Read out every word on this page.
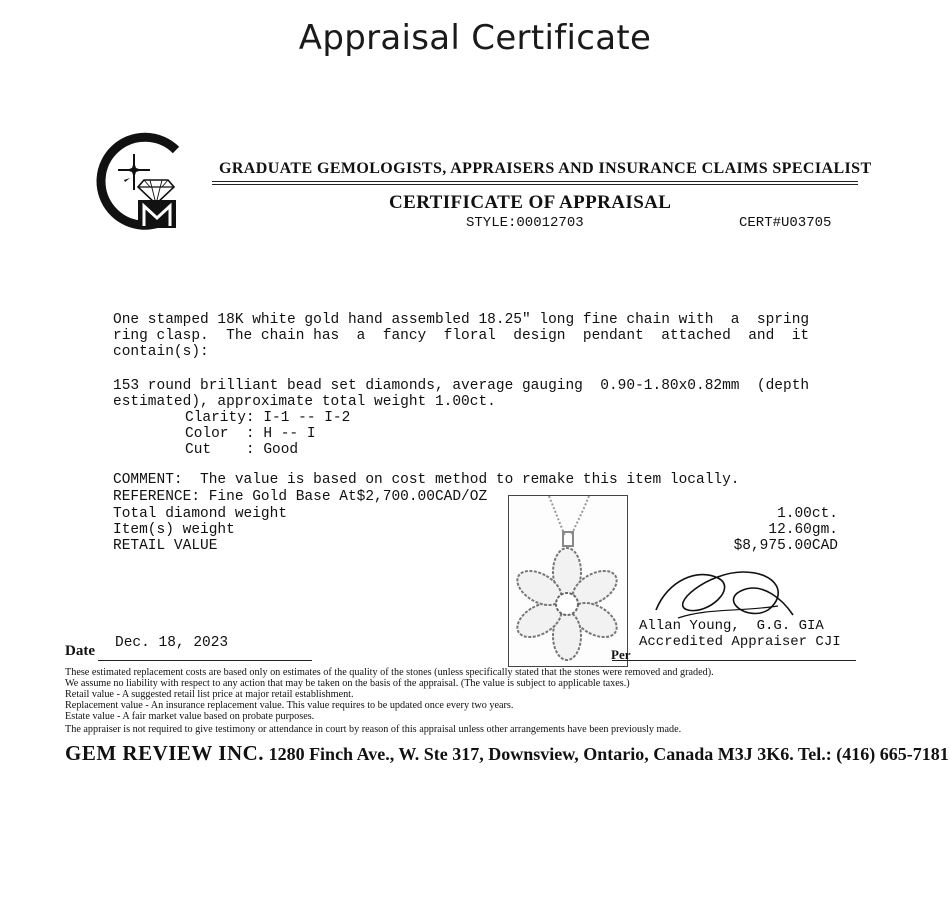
Appraisal Certificate
GRADUATE GEMOLOGISTS, APPRAISERS AND INSURANCE CLAIMS SPECIALIST
CERTIFICATE OF APPRAISAL
STYLE:00012703	CERT#U03705
One stamped 18K white gold hand assembled 18.25" long fine chain with  a  spring
ring clasp.  The chain has  a  fancy  floral  design  pendant  attached  and  it
contain(s):
153 round brilliant bead set diamonds, average gauging  0.90-1.80x0.82mm  (depth
estimated), approximate total weight 1.00ct.
Clarity: I-1 -- I-2
Color  : H -- I
Cut    : Good
COMMENT:  The value is based on cost method to remake this item locally.
REFERENCE: Fine Gold Base At$2,700.00CAD/OZ
Total diamond weight	1.00ct.
Item(s) weight	12.60gm.
RETAIL VALUE	$8,975.00CAD
Allan Young,  G.G. GIA
Accredited Appraiser CJI
Per
Date Dec. 18, 2023
These estimated replacement costs are based only on estimates of the quality of the stones (unless specifically stated that the stones were removed and graded).
We assume no liability with respect to any action that may be taken on the basis of the appraisal. (The value is subject to applicable taxes.)
Retail value - A suggested retail list price at major retail establishment.
Replacement value - An insurance replacement value. This value requires to be updated once every two years.
Estate value - A fair market value based on probate purposes.
The appraiser is not required to give testimony or attendance in court by reason of this appraisal unless other arrangements have been previously made.
GEM REVIEW INC. 1280 Finch Ave., W. Ste 317, Downsview, Ontario, Canada M3J 3K6. Tel.: (416) 665-7181
